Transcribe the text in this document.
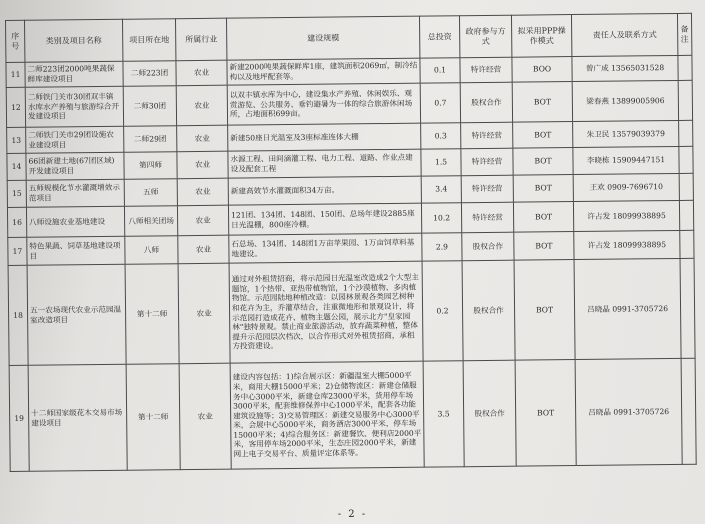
序号	类别及项目名称	项目所在地	所属行业	建设规模	总投资	政府参与方式	拟采用PPP操作模式	责任人及联系方式	备注
11	二师223团2000吨果蔬保鲜库建设项目	二师223团	农业	新建2000吨果蔬保鲜库1座，建筑面积2069㎡，制冷结构以及地坪配套等。	0.1	特许经营	BOO	曾广成 13565031528	
12	二师铁门关市30团双丰镇水库水产养殖与旅游综合开发建设项目	二师30团	农业	以双丰镇水库为中心，建设集水产养殖、休闲娱乐、观赏游览、公共服务、垂钓避暑为一体的综合旅游休闲场所，占地面积699亩。	0.7	股权合作	BOT	梁春燕 13899005906	
13	二师铁门关市29团设施农业建设项目	二师29团	农业	新建50座日光温室及3座标准连体大棚	0.3	特许经营	BOT	朱卫民 13579039379	
14	66团新建土地(67团区域)开发建设项目	第四师	农业	水源工程、田间滴灌工程、电力工程、道路、作业点建设及配套工程	1.5	特许经营	BOT	李晓栋 15909447151	
15	五师规模化节水灌溉增效示范项目	五师	农业	新建高效节水灌溉面积34万亩。	3.4	特许经营	BOT	王欢 0909-7696710	
16	八师设施农业基地建设	八师相关团场	农业	121团、134团、148团、150团、总场年建设2885座日光温棚，800座冷棚。	10.2	特许经营	BOT	许占发 18099938895	
17	特色果蔬、饲草基地建设项目	八师	农业	石总场、134团、148团1万亩苹果园、1万亩饲草料基地建设。	2.9	股权合作	BOT	许占发 18099938895	
18	五一农场现代农业示范园温室改造项目	第十二师	农业	通过对外租赁招商，将示范园日光温室改造成2个大型主题馆，1个热带、亚热带植物馆，1个沙漠植物、多肉植物馆。示范园陆地种植改造：以园林景观各类园艺树种和花卉为主，乔灌草结合，注重微地形和景观设计，将示范园打造成花卉、植物主题公园，展示北方"皇家园林"独特景观。禁止商业旅游活动，放弃蔬菜种植，整体提升示范园层次档次，以合作形式对外租赁招商，承租方投资建设。	0.2	股权合作	BOT	吕晓晶 0991-3705726	
19	十二师国家级花木交易市场建设项目	第十二师	农业	建设内容包括：1)综合展示区：新疆温室大棚5000平米，商用大棚15000平米；2)仓储物流区：新建仓储服务中心3000平米，新建仓库23000平米，货用停车场3000平米，配套维修保养中心1000平米，配套各功能建筑设施等；3)交易管理区：新建交易服务中心3000平米，会展中心5000平米，商务酒店3000平米，停车场15000平米；4)综合服务区：新建餐饮、便利店2000平米，客用停车场2000平米，生态庄园2000平米，新建网上电子交易平台、质量评定体系等。	3.5	股权合作	BOT	吕晓晶 0991-3705726	
- 2 -
